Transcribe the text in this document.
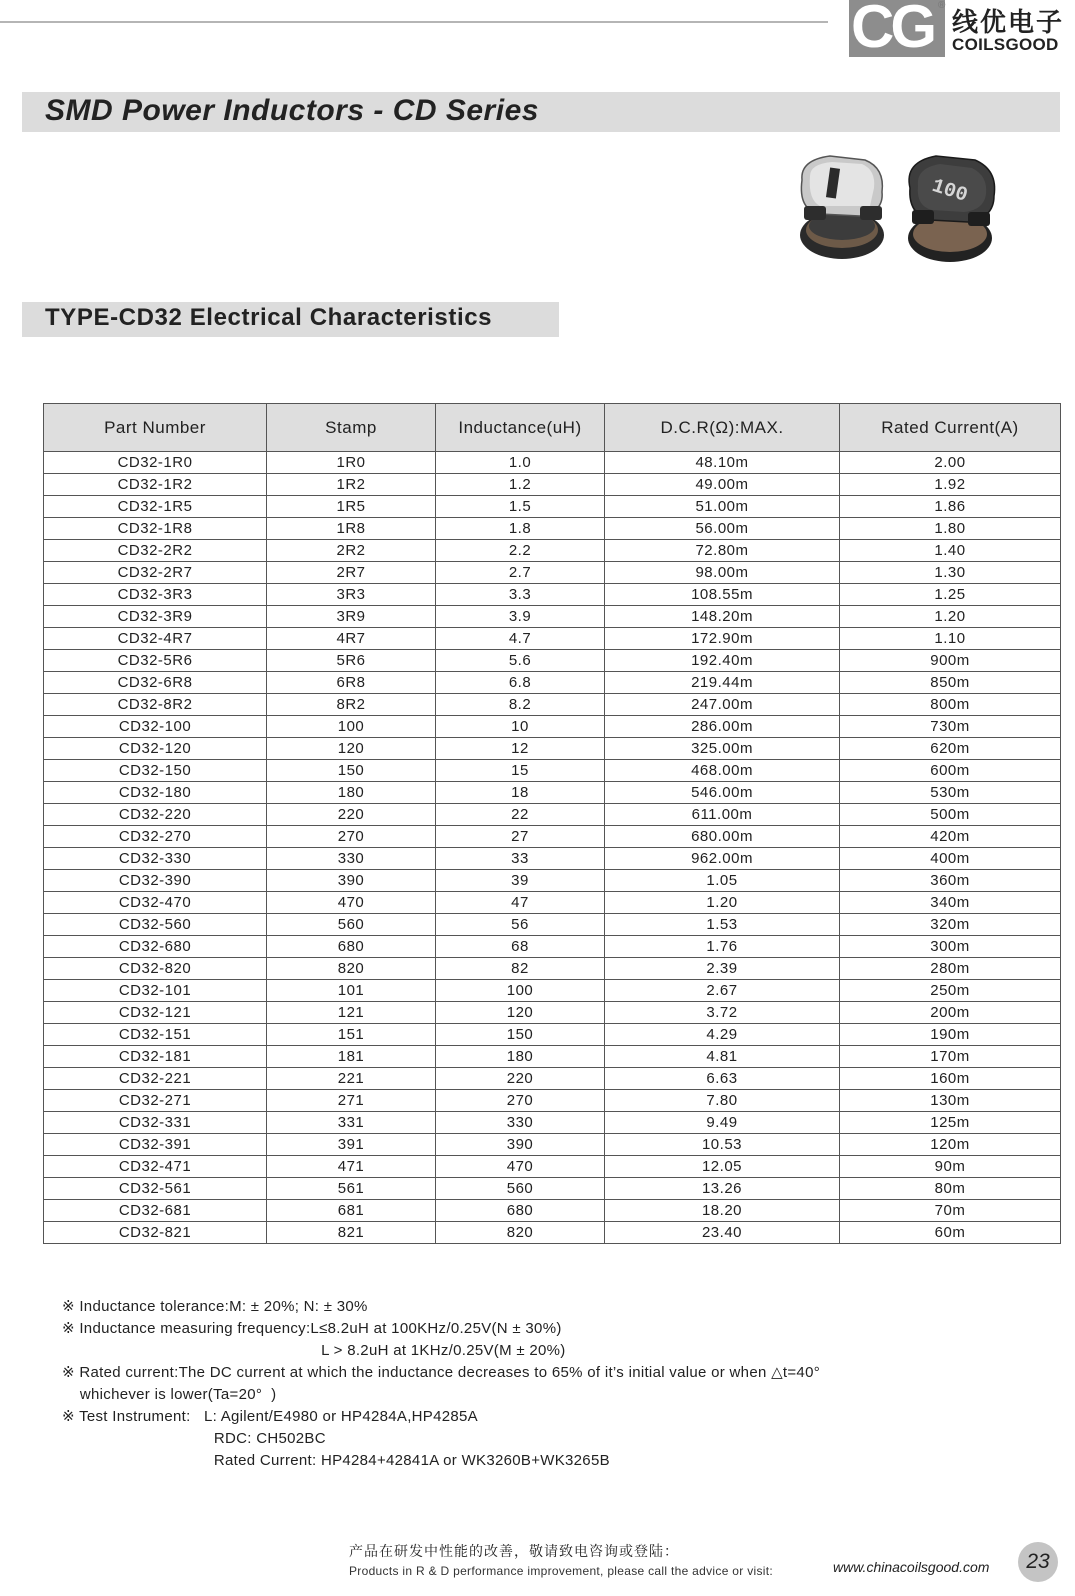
CG ®
线优电子
COILSGOOD
SMD Power Inductors - CD Series
100
TYPE-CD32 Electrical Characteristics
Part Number	Stamp	Inductance(uH)	D.C.R(Ω):MAX.	Rated Current(A)
CD32-1R0	1R0	1.0	48.10m	2.00
CD32-1R2	1R2	1.2	49.00m	1.92
CD32-1R5	1R5	1.5	51.00m	1.86
CD32-1R8	1R8	1.8	56.00m	1.80
CD32-2R2	2R2	2.2	72.80m	1.40
CD32-2R7	2R7	2.7	98.00m	1.30
CD32-3R3	3R3	3.3	108.55m	1.25
CD32-3R9	3R9	3.9	148.20m	1.20
CD32-4R7	4R7	4.7	172.90m	1.10
CD32-5R6	5R6	5.6	192.40m	900m
CD32-6R8	6R8	6.8	219.44m	850m
CD32-8R2	8R2	8.2	247.00m	800m
CD32-100	100	10	286.00m	730m
CD32-120	120	12	325.00m	620m
CD32-150	150	15	468.00m	600m
CD32-180	180	18	546.00m	530m
CD32-220	220	22	611.00m	500m
CD32-270	270	27	680.00m	420m
CD32-330	330	33	962.00m	400m
CD32-390	390	39	1.05	360m
CD32-470	470	47	1.20	340m
CD32-560	560	56	1.53	320m
CD32-680	680	68	1.76	300m
CD32-820	820	82	2.39	280m
CD32-101	101	100	2.67	250m
CD32-121	121	120	3.72	200m
CD32-151	151	150	4.29	190m
CD32-181	181	180	4.81	170m
CD32-221	221	220	6.63	160m
CD32-271	271	270	7.80	130m
CD32-331	331	330	9.49	125m
CD32-391	391	390	10.53	120m
CD32-471	471	470	12.05	90m
CD32-561	561	560	13.26	80m
CD32-681	681	680	18.20	70m
CD32-821	821	820	23.40	60m
※ Inductance tolerance:M: ± 20%; N: ± 30%
※ Inductance measuring frequency:L≤8.2uH at 100KHz/0.25V(N ± 30%)
L > 8.2uH at 1KHz/0.25V(M ± 20%)
※ Rated current:The DC current at which the inductance decreases to 65% of it’s initial value or when △t=40°
whichever is lower(Ta=20°  )
※ Test Instrument:   L: Agilent/E4980 or HP4284A,HP4285A
RDC: CH502BC
Rated Current: HP4284+42841A or WK3260B+WK3265B
产品在研发中性能的改善，敬请致电咨询或登陆：
Products in R & D performance improvement, please call the advice or visit:	www.chinacoilsgood.com	23
